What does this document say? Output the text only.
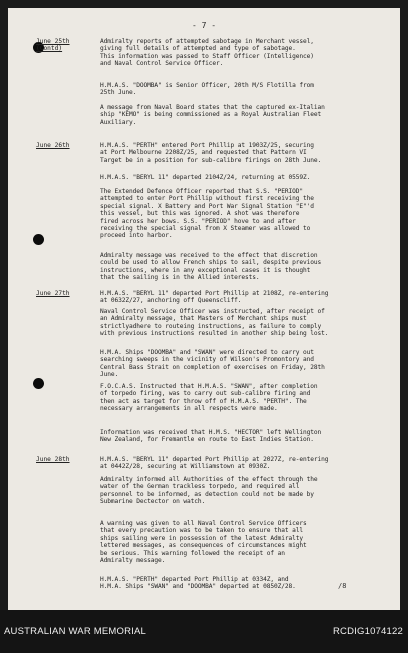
- 7 -
June 25th
(Contd)
Admiralty reports of attempted sabotage in Merchant vessel,
giving full details of attempted and type of sabotage.
This information was passed to Staff Officer (Intelligence)
and Naval Control Service Officer.
H.M.A.S. "DOOMBA" is Senior Officer, 20th M/S Flotilla from
25th June.
A message from Naval Board states that the captured ex-Italian
ship "KEMO" is being commissioned as a Royal Australian Fleet
Auxiliary.
June 26th	H.M.A.S. "PERTH" entered Port Phillip at 1903Z/25, securing
at Port Melbourne 2208Z/25, and requested that Pattern VI
Target be in a position for sub-calibre firings on 28th June.
H.M.A.S. "BERYL 11" departed 2104Z/24, returning at 0559Z.
The Extended Defence Officer reported that S.S. "PERIOD"
attempted to enter Port Phillip without first receiving the
special signal. X Battery and Port War Signal Station "E"'d
this vessel, but this was ignored. A shot was therefore
fired across her bows. S.S. "PERIOD" hove to and after
receiving the special signal from X Steamer was allowed to
proceed into harbor.
Admiralty message was received to the effect that discretion
could be used to allow French ships to sail, despite previous
instructions, where in any exceptional cases it is thought
that the sailing is in the Allied interests.
June 27th	H.M.A.S. "BERYL 11" departed Port Phillip at 2108Z, re-entering
at 0632Z/27, anchoring off Queenscliff.
Naval Control Service Officer was instructed, after receipt of
an Admiralty message, that Masters of Merchant ships must
strictlyadhere to routeing instructions, as failure to comply
with previous instructions resulted in another ship being lost.
H.M.A. Ships "DOOMBA" and "SWAN" were directed to carry out
searching sweeps in the vicinity of Wilson's Promontory and
Central Bass Strait on completion of exercises on Friday, 28th
June.
F.O.C.A.S. Instructed that H.M.A.S. "SWAN", after completion
of torpedo firing, was to carry out sub-calibre firing and
then act as target for throw off of H.M.A.S. "PERTH". The
necessary arrangements in all respects were made.
Information was received that H.M.S. "HECTOR" left Wellington
New Zealand, for Fremantle en route to East Indies Station.
June 28th	H.M.A.S. "BERYL 11" departed Port Phillip at 2027Z, re-entering
at 0442Z/28, securing at Williamstown at 0930Z.
Admiralty informed all Authorities of the effect through the
water of the German trackless torpedo, and required all
personnel to be informed, as detection could not be made by
Submarine Dectector on watch.
A warning was given to all Naval Control Service Officers
that every precaution was to be taken to ensure that all
ships sailing were in possession of the latest Admiralty
lettered messages, as consequences of circumstances might
be serious. This warning followed the receipt of an
Admiralty message.
H.M.A.S. "PERTH" departed Port Phillip at 0334Z, and
H.M.A. Ships "SWAN" and "DOOMBA" departed at 0850Z/28.	/8
AUSTRALIAN WAR MEMORIAL	RCDIG1074122
